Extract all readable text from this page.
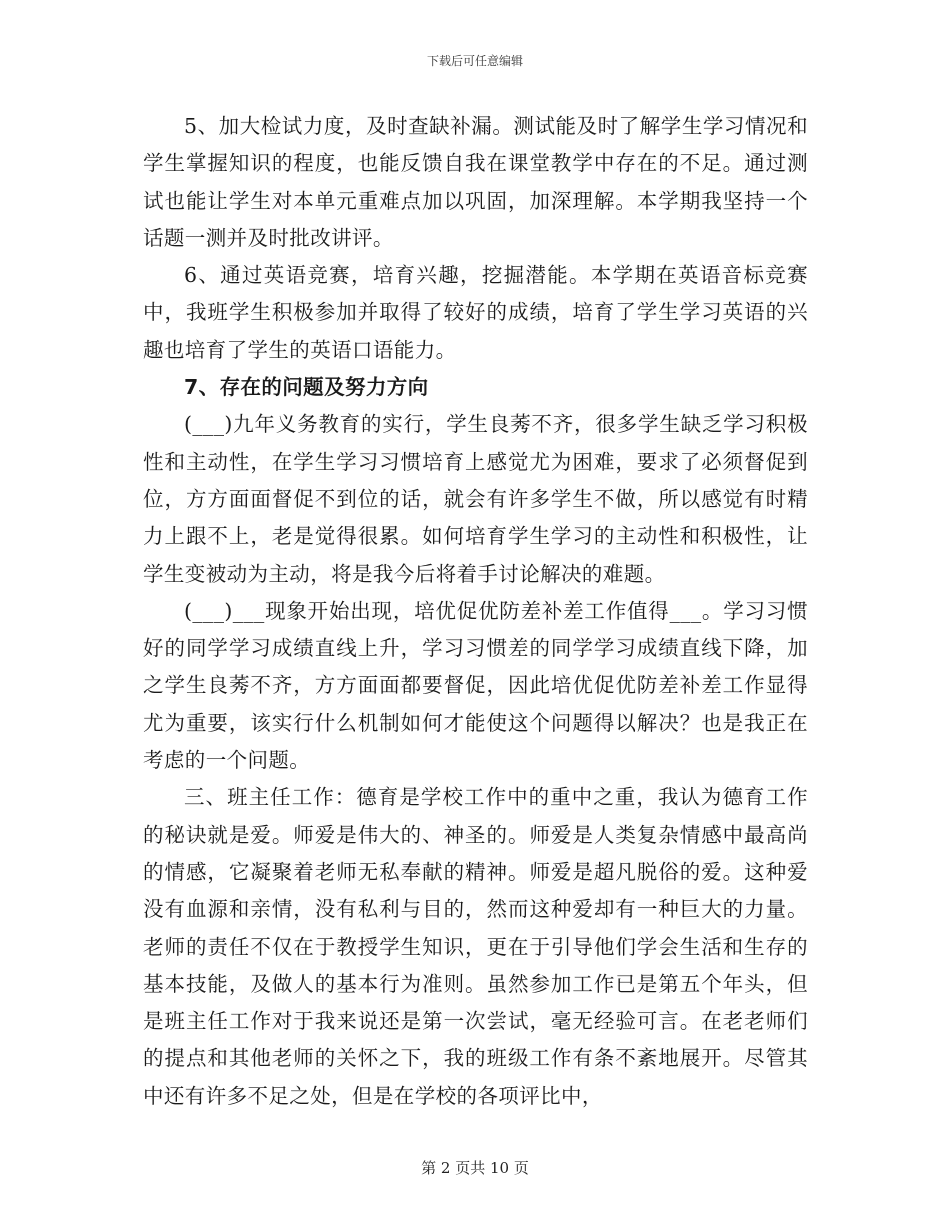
下载后可任意编辑

5、加大检试力度，及时查缺补漏。测试能及时了解学生学习情况和学生掌握知识的程度，也能反馈自我在课堂教学中存在的不足。通过测试也能让学生对本单元重难点加以巩固，加深理解。本学期我坚持一个话题一测并及时批改讲评。

6、通过英语竞赛，培育兴趣，挖掘潜能。本学期在英语音标竞赛中，我班学生积极参加并取得了较好的成绩，培育了学生学习英语的兴趣也培育了学生的英语口语能力。

7、存在的问题及努力方向

(___)九年义务教育的实行，学生良莠不齐，很多学生缺乏学习积极性和主动性，在学生学习习惯培育上感觉尤为困难，要求了必须督促到位，方方面面督促不到位的话，就会有许多学生不做，所以感觉有时精力上跟不上，老是觉得很累。如何培育学生学习的主动性和积极性，让学生变被动为主动，将是我今后将着手讨论解决的难题。

(___)___现象开始出现，培优促优防差补差工作值得___。学习习惯好的同学学习成绩直线上升，学习习惯差的同学学习成绩直线下降，加之学生良莠不齐，方方面面都要督促，因此培优促优防差补差工作显得尤为重要，该实行什么机制如何才能使这个问题得以解决？也是我正在考虑的一个问题。

三、班主任工作：德育是学校工作中的重中之重，我认为德育工作的秘诀就是爱。师爱是伟大的、神圣的。师爱是人类复杂情感中最高尚的情感，它凝聚着老师无私奉献的精神。师爱是超凡脱俗的爱。这种爱没有血源和亲情，没有私利与目的，然而这种爱却有一种巨大的力量。老师的责任不仅在于教授学生知识，更在于引导他们学会生活和生存的基本技能，及做人的基本行为准则。虽然参加工作已是第五个年头，但是班主任工作对于我来说还是第一次尝试，毫无经验可言。在老老师们的提点和其他老师的关怀之下，我的班级工作有条不紊地展开。尽管其中还有许多不足之处，但是在学校的各项评比中，

第 2 页共 10 页
